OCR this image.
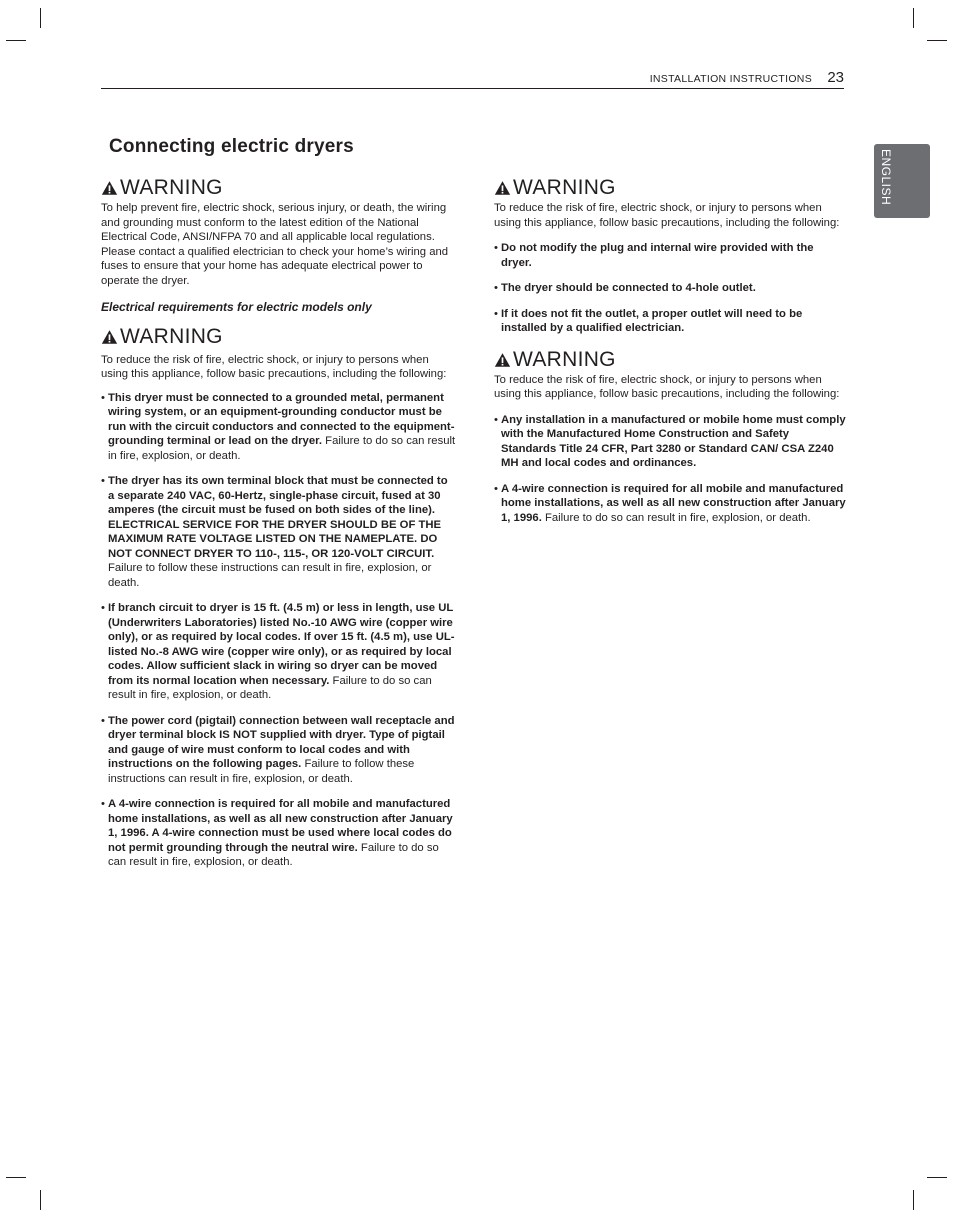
INSTALLATION INSTRUCTIONS 23
ENGLISH
Connecting electric dryers
WARNING

To help prevent fire, electric shock, serious injury, or death, the wiring and grounding must conform to the latest edition of the National Electrical Code, ANSI/NFPA 70 and all applicable local regulations. Please contact a qualified electrician to check your home’s wiring and fuses to ensure that your home has adequate electrical power to operate the dryer.

Electrical requirements for electric models only

WARNING

To reduce the risk of fire, electric shock, or injury to persons when using this appliance, follow basic precautions, including the following:

• This dryer must be connected to a grounded metal, permanent wiring system, or an equipment-grounding conductor must be run with the circuit conductors and connected to the equipment-grounding terminal or lead on the dryer. Failure to do so can result in fire, explosion, or death.
• The dryer has its own terminal block that must be connected to a separate 240 VAC, 60-Hertz, single-phase circuit, fused at 30 amperes (the circuit must be fused on both sides of the line). ELECTRICAL SERVICE FOR THE DRYER SHOULD BE OF THE MAXIMUM RATE VOLTAGE LISTED ON THE NAMEPLATE. DO NOT CONNECT DRYER TO 110-, 115-, OR 120-VOLT CIRCUIT. Failure to follow these instructions can result in fire, explosion, or death.
• If branch circuit to dryer is 15 ft. (4.5 m) or less in length, use UL (Underwriters Laboratories) listed No.-10 AWG wire (copper wire only), or as required by local codes. If over 15 ft. (4.5 m), use UL-listed No.-8 AWG wire (copper wire only), or as required by local codes. Allow sufficient slack in wiring so dryer can be moved from its normal location when necessary. Failure to do so can result in fire, explosion, or death.
• The power cord (pigtail) connection between wall receptacle and dryer terminal block IS NOT supplied with dryer. Type of pigtail and gauge of wire must conform to local codes and with instructions on the following pages. Failure to follow these instructions can result in fire, explosion, or death.
• A 4-wire connection is required for all mobile and manufactured home installations, as well as all new construction after January 1, 1996. A 4-wire connection must be used where local codes do not permit grounding through the neutral wire. Failure to do so can result in fire, explosion, or death.
WARNING

To reduce the risk of fire, electric shock, or injury to persons when using this appliance, follow basic precautions, including the following:

• Do not modify the plug and internal wire provided with the dryer.
• The dryer should be connected to 4-hole outlet.
• If it does not fit the outlet, a proper outlet will need to be installed by a qualified electrician.
WARNING

To reduce the risk of fire, electric shock, or injury to persons when using this appliance, follow basic precautions, including the following:

• Any installation in a manufactured or mobile home must comply with the Manufactured Home Construction and Safety Standards Title 24 CFR, Part 3280 or Standard CAN/ CSA Z240 MH and local codes and ordinances.
• A 4-wire connection is required for all mobile and manufactured home installations, as well as all new construction after January 1, 1996. Failure to do so can result in fire, explosion, or death.
